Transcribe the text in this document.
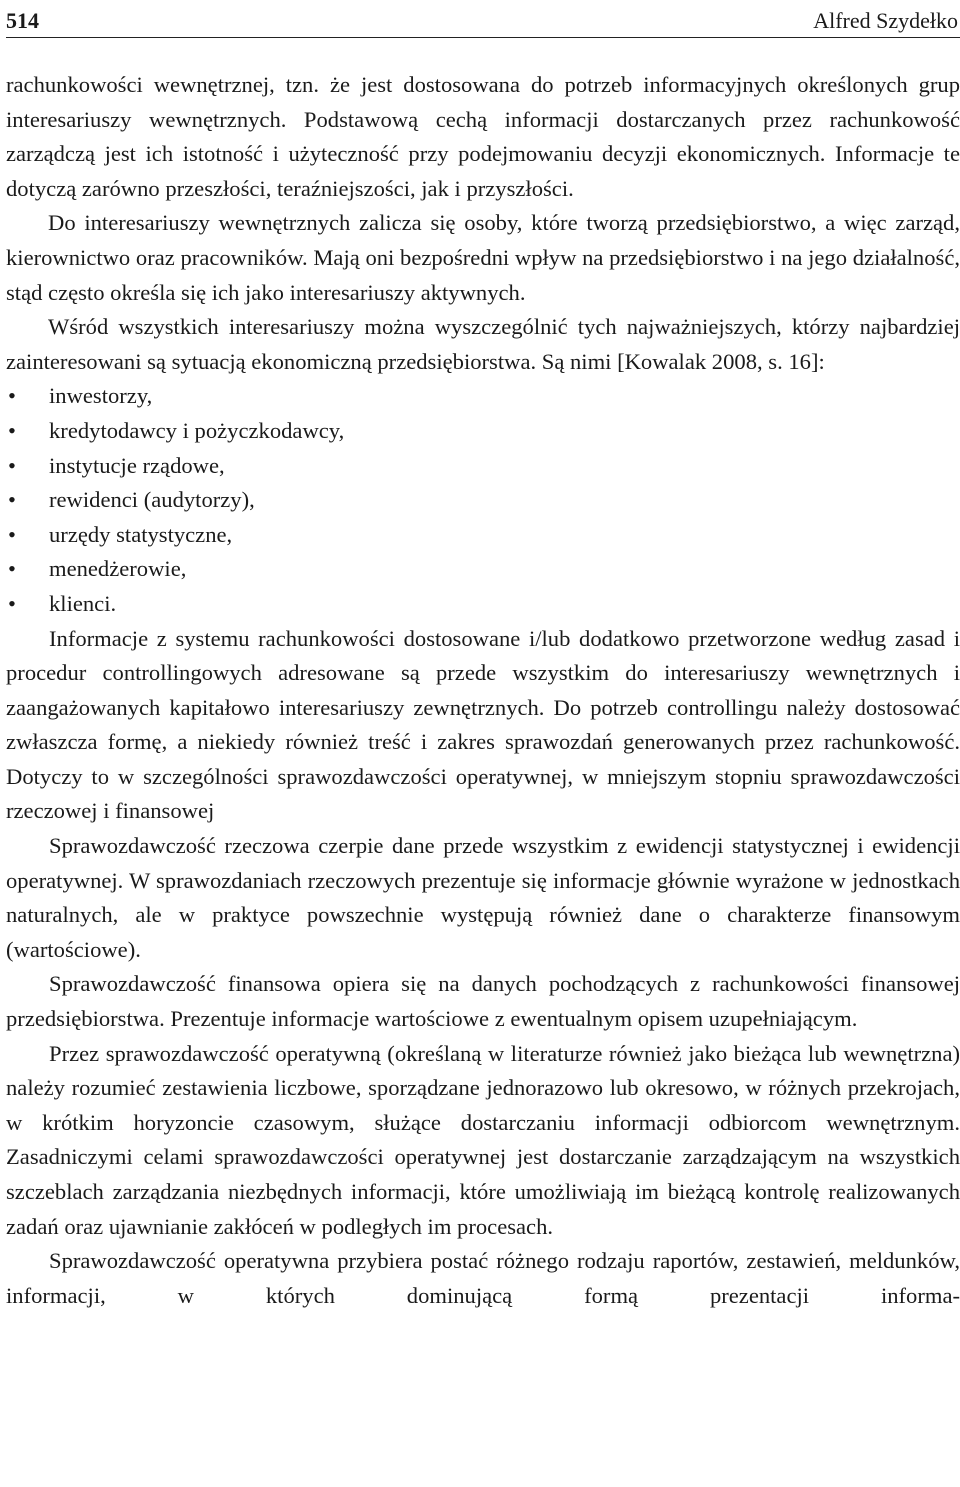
514	Alfred Szydełko

rachunkowości wewnętrznej, tzn. że jest dostosowana do potrzeb informacyjnych określonych grup interesariuszy wewnętrznych. Podstawową cechą informacji dostarczanych przez rachunkowość zarządczą jest ich istotność i użyteczność przy podejmowaniu decyzji ekonomicznych. Informacje te dotyczą zarówno przeszłości, teraźniejszości, jak i przyszłości.

Do interesariuszy wewnętrznych zalicza się osoby, które tworzą przedsiębiorstwo, a więc zarząd, kierownictwo oraz pracowników. Mają oni bezpośredni wpływ na przedsiębiorstwo i na jego działalność, stąd często określa się ich jako interesariuszy aktywnych.

Wśród wszystkich interesariuszy można wyszczególnić tych najważniejszych, którzy najbardziej zainteresowani są sytuacją ekonomiczną przedsiębiorstwa. Są nimi [Kowalak 2008, s. 16]:

• inwestorzy,
• kredytodawcy i pożyczkodawcy,
• instytucje rządowe,
• rewidenci (audytorzy),
• urzędy statystyczne,
• menedżerowie,
• klienci.

Informacje z systemu rachunkowości dostosowane i/lub dodatkowo przetworzone według zasad i procedur controllingowych adresowane są przede wszystkim do interesariuszy wewnętrznych i zaangażowanych kapitałowo interesariuszy zewnętrznych. Do potrzeb controllingu należy dostosować zwłaszcza formę, a niekiedy również treść i zakres sprawozdań generowanych przez rachunkowość. Dotyczy to w szczególności sprawozdawczości operatywnej, w mniejszym stopniu sprawozdawczości rzeczowej i finansowej

Sprawozdawczość rzeczowa czerpie dane przede wszystkim z ewidencji statystycznej i ewidencji operatywnej. W sprawozdaniach rzeczowych prezentuje się informacje głównie wyrażone w jednostkach naturalnych, ale w praktyce powszechnie występują również dane o charakterze finansowym (wartościowe).

Sprawozdawczość finansowa opiera się na danych pochodzących z rachunkowości finansowej przedsiębiorstwa. Prezentuje informacje wartościowe z ewentualnym opisem uzupełniającym.

Przez sprawozdawczość operatywną (określaną w literaturze również jako bieżąca lub wewnętrzna) należy rozumieć zestawienia liczbowe, sporządzane jednorazowo lub okresowo, w różnych przekrojach, w krótkim horyzoncie czasowym, służące dostarczaniu informacji odbiorcom wewnętrznym. Zasadniczymi celami sprawozdawczości operatywnej jest dostarczanie zarządzającym na wszystkich szczeblach zarządzania niezbędnych informacji, które umożliwiają im bieżącą kontrolę realizowanych zadań oraz ujawnianie zakłóceń w podległych im procesach.

Sprawozdawczość operatywna przybiera postać różnego rodzaju raportów, zestawień, meldunków, informacji, w których dominującą formą prezentacji informa-
